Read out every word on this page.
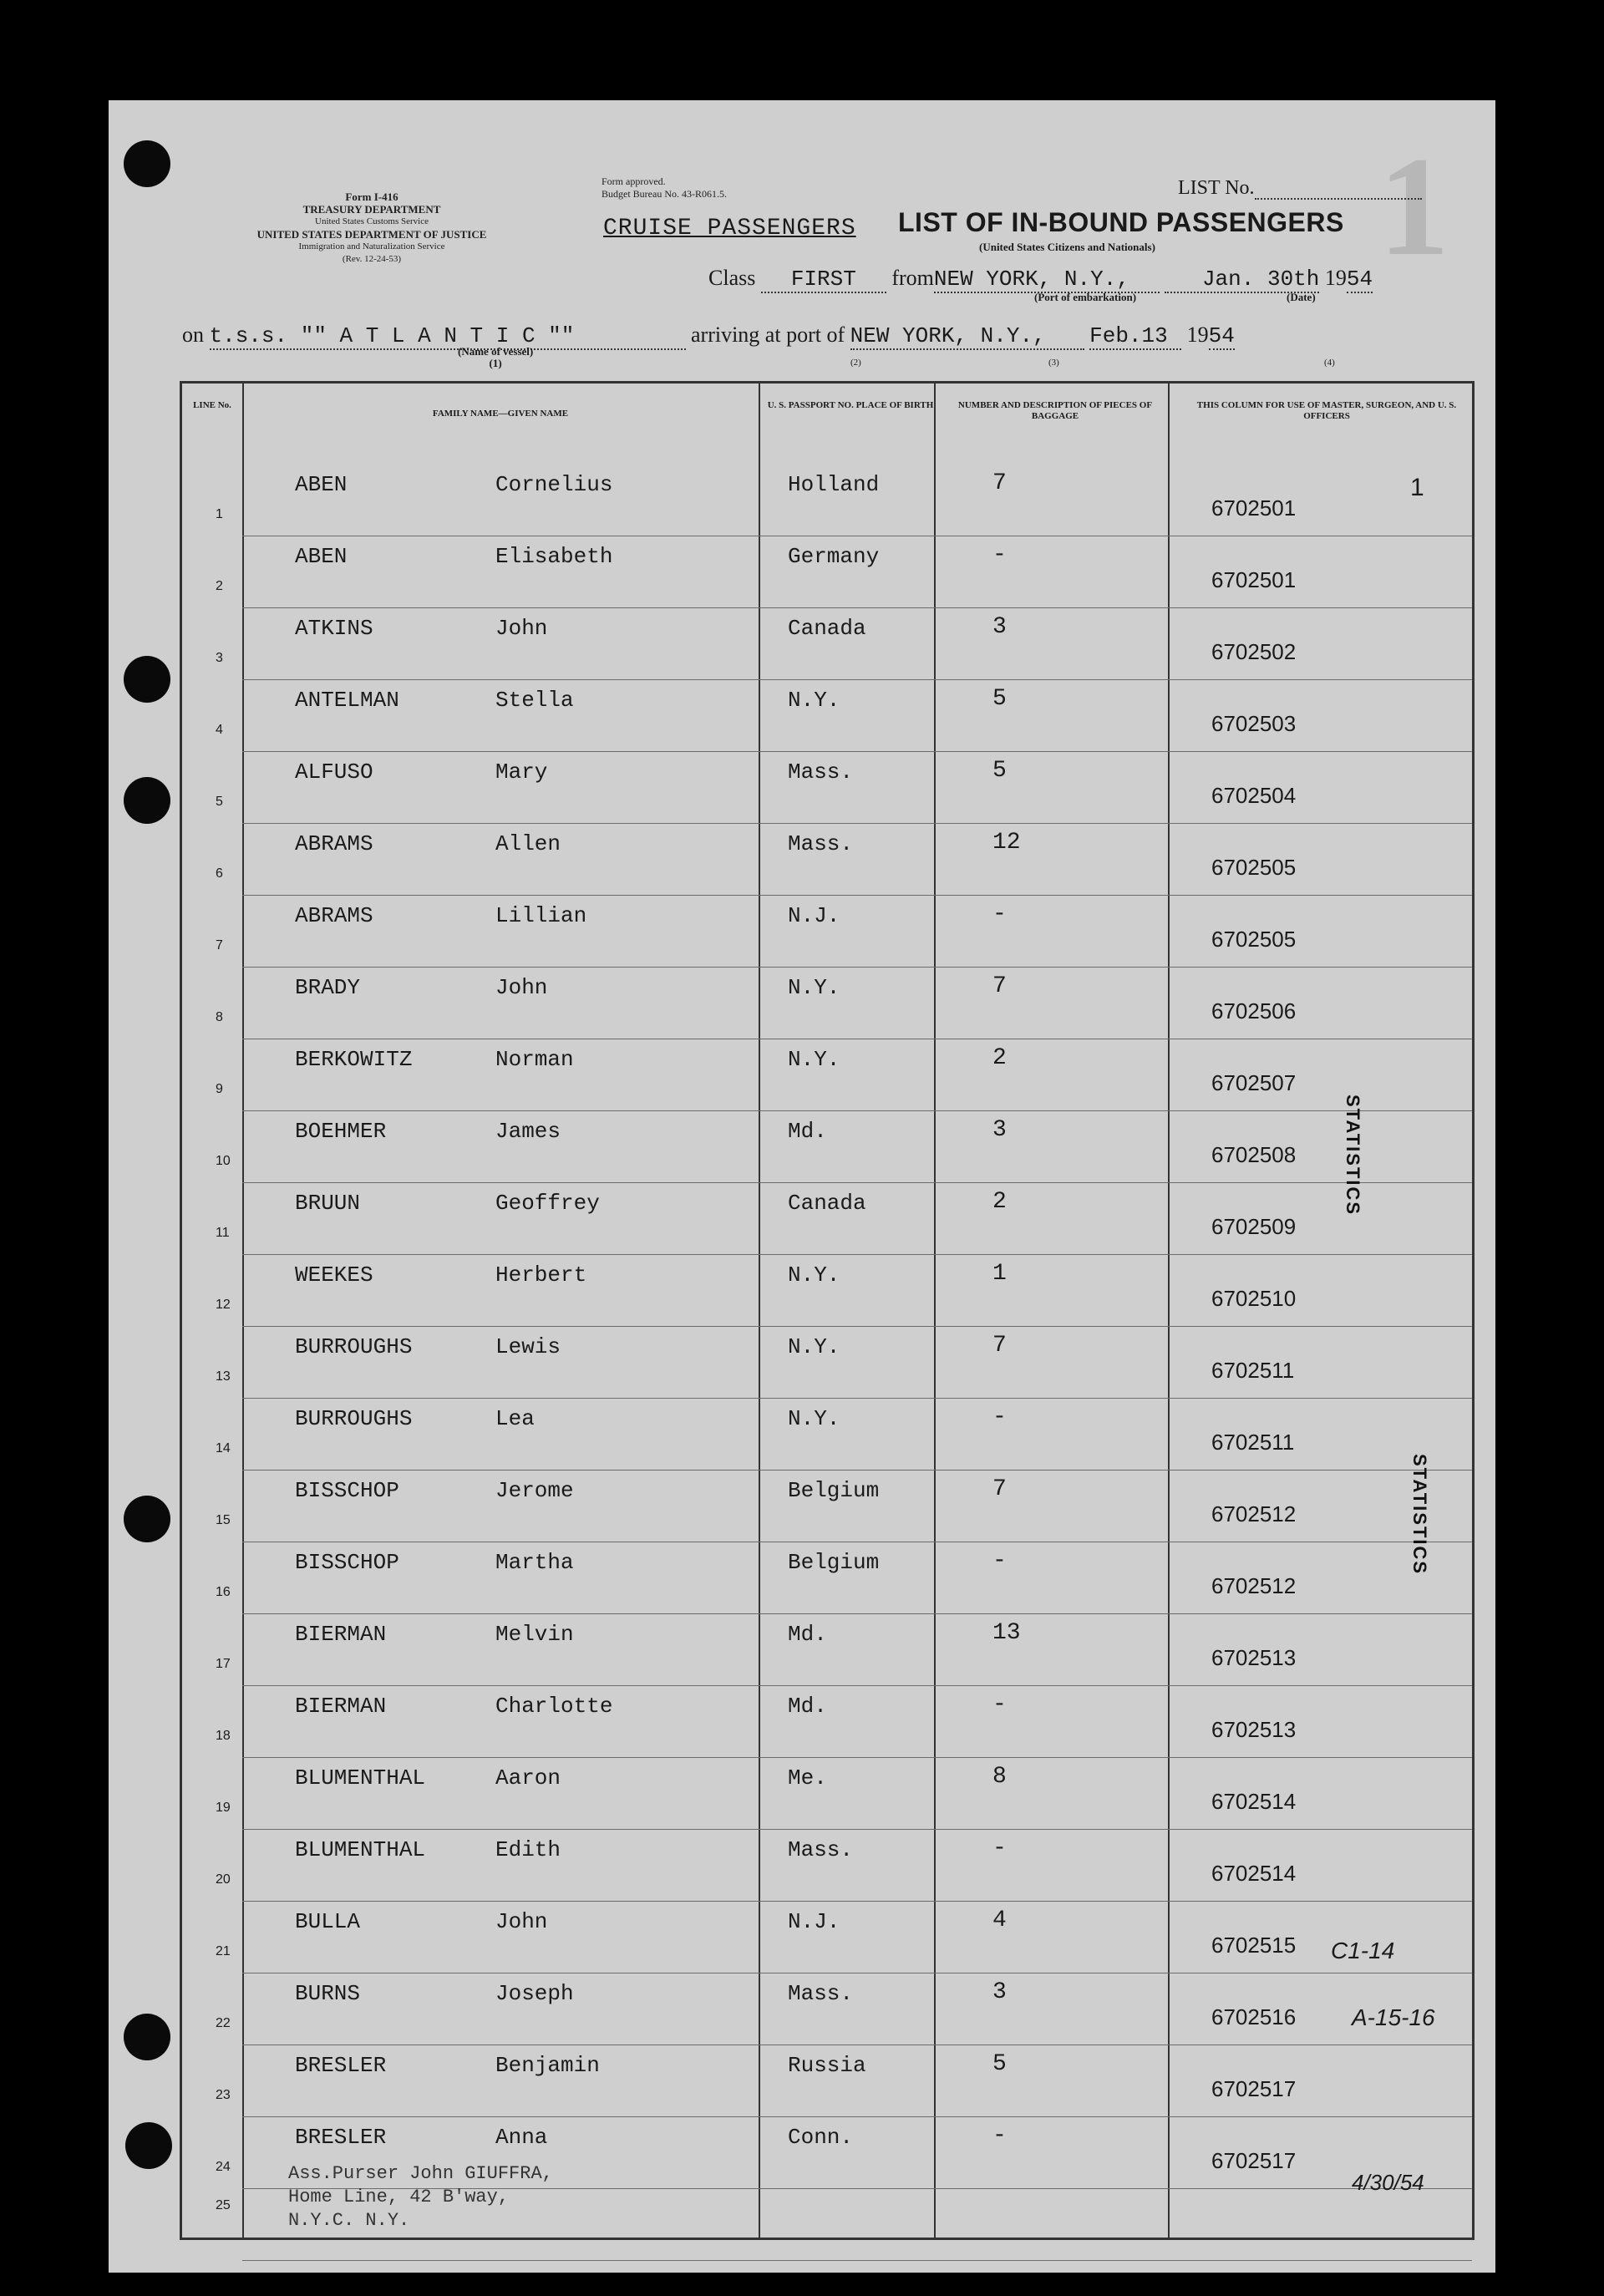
1
Form I-416
TREASURY DEPARTMENT
United States Customs Service
UNITED STATES DEPARTMENT OF JUSTICE
Immigration and Naturalization Service
(Rev. 12-24-53)
Form approved.
Budget Bureau No. 43-R061.5.
CRUISE PASSENGERS LIST OF IN-BOUND PASSENGERS
(United States Citizens and Nationals)
LIST No.
Class FIRST fromNEW YORK, N.Y.,	Jan. 30th 1954
(Port of embarkation)	(Date)
on t.s.s. "" A T L A N T I C ""	arriving at port of NEW YORK, N.Y., Feb.13 1954
(Name of vessel)
(1)	(2)	(3)	(4)
LINE No.
FAMILY NAME—GIVEN NAME
U. S. PASSPORT NO. PLACE OF BIRTH	NUMBER AND DESCRIPTION OF PIECES OF BAGGAGE
THIS COLUMN FOR USE OF MASTER, SURGEON, AND U. S. OFFICERS
1
ABEN	Cornelius	Holland	7
6702501
2
ABEN	Elisabeth	Germany	-
6702501
3
ATKINS	John	Canada	3
6702502
4
ANTELMAN	Stella	N.Y.	5
6702503
5
ALFUSO	Mary	Mass.	5
6702504
6
ABRAMS	Allen	Mass.	12
6702505
7
ABRAMS	Lillian	N.J.	-
6702505
8
BRADY	John	N.Y.	7
6702506
9
BERKOWITZ	Norman	N.Y.	2
6702507
10
BOEHMER	James	Md.	3
6702508
11
BRUUN	Geoffrey	Canada	2
6702509
12
WEEKES	Herbert	N.Y.	1
6702510
13
BURROUGHS	Lewis	N.Y.	7
6702511
14
BURROUGHS	Lea	N.Y.	-
6702511
15
BISSCHOP	Jerome	Belgium	7
6702512
16
BISSCHOP	Martha	Belgium	-
6702512
17
BIERMAN	Melvin	Md.	13
6702513
18
BIERMAN	Charlotte	Md.	-
6702513
19
BLUMENTHAL	Aaron	Me.	8
6702514
20
BLUMENTHAL	Edith	Mass.	-
6702514
21
BULLA	John	N.J.	4
6702515
22
BURNS	Joseph	Mass.	3
6702516
23
BRESLER	Benjamin	Russia	5
6702517
24
BRESLER	Anna	Conn.	-
6702517
25
1
C1-14
A-15-16
4/30/54
STATISTICS
STATISTICS
Ass.Purser John GIUFFRA,
Home Line, 42 B'way,
N.Y.C. N.Y.
